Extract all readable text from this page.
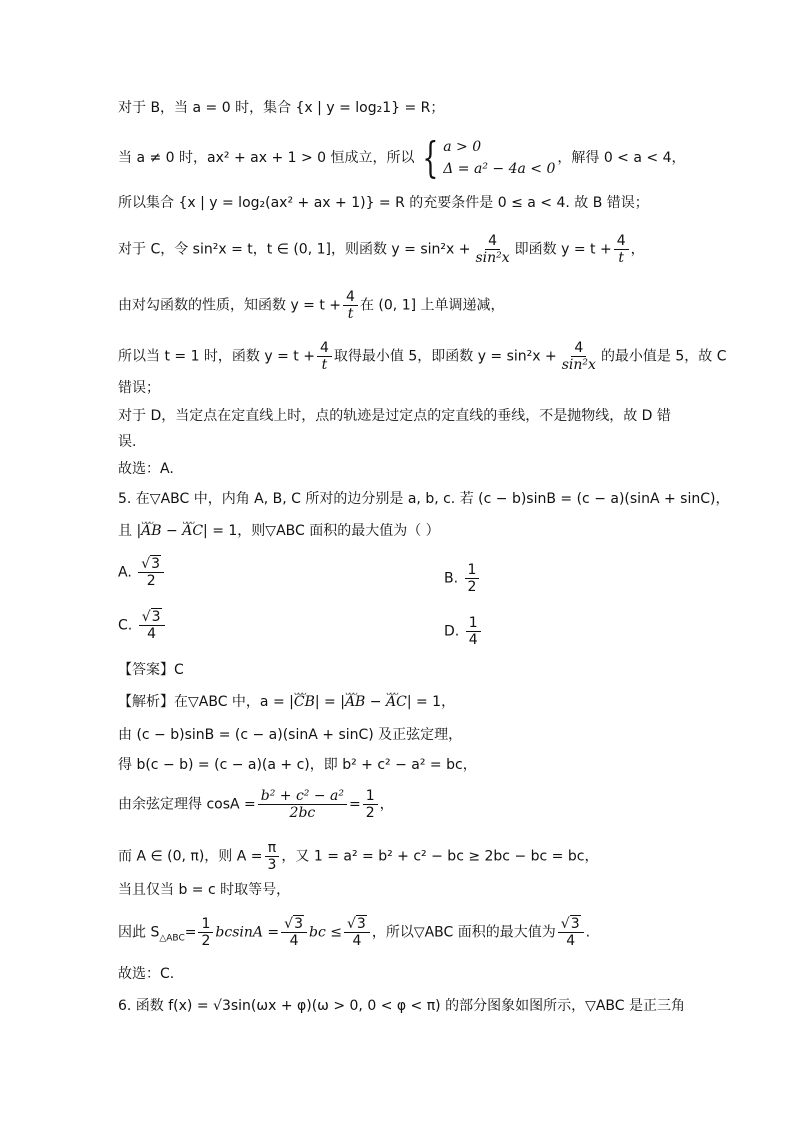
对于 B，当 a = 0 时，集合 {x | y = log₂1} = R；
当 a ≠ 0 时，ax² + ax + 1 > 0 恒成立，所以 { a > 0
Δ = a² − 4a < 0
，解得 0 < a < 4，
所以集合 {x | y = log₂(ax² + ax + 1)} = R 的充要条件是 0 ≤ a < 4. 故 B 错误；
对于 C，令 sin²x = t，t ∈ (0, 1]，则函数 $y = \sin^2x + \frac{4}{\text{sin²x}}$ 即函数 $y = t + \frac{4}{t}$ ，
由对勾函数的性质，知函数 $y = t + \frac{4}{t}$ 在 (0, 1] 上单调递减，
所以当 t = 1 时，函数 $y = t + \frac{4}{t}$ 取得最小值 5，即函数 $y = \sin^2x + \frac{4}{\text{sin²x}}$ 的最小值是 5，故 C
错误；
对于 D，当定点在定直线上时，点的轨迹是过定点的定直线的垂线，不是抛物线，故 D 错
误.
故选：A.
5. 在▽ABC 中，内角 A, B, C 所对的边分别是 a, b, c. 若 (c − b)sinB = (c − a)(sinA + sinC)，
且 |ᴗᴗᴗ AB − ᴗᴗᴗ AC| = 1，则▽ABC 面积的最大值为（ ）
A. $\frac{√3}{2}$	B. $\frac{1}{2}$
C. $\frac{√3}{4}$	D. $\frac{1}{4}$
【答案】C
【解析】在▽ABC 中，a = |ᴗᴗᴗ CB| = |ᴗᴗᴗ AB − ᴗᴗᴗ AC| = 1，
由 (c − b)sinB = (c − a)(sinA + sinC) 及正弦定理，
得 b(c − b) = (c − a)(a + c)，即 b² + c² − a² = bc，
由余弦定理得 $\cos A = \frac{\text{b² + c² − a²}}{2bc} = \frac{1}{2}$ ，
而 A ∈ (0, π)，则 $A = \frac{\pi}{3}$ ，又 1 = a² = b² + c² − bc ≥ 2bc − bc = bc，
当且仅当 b = c 时取等号，
因此 $S_{\triangle ABC}= \frac{1}{2}$ $bcsinA = \frac{√3}{4}$ bc ≤ $\frac{√3}{4}$ ，所以▽ABC 面积的最大值为 $\frac{√3}{4}$ .
故选：C.
6. 函数 f(x) = √3sin(ωx + φ)(ω > 0, 0 < φ < π) 的部分图象如图所示，▽ABC 是正三角
